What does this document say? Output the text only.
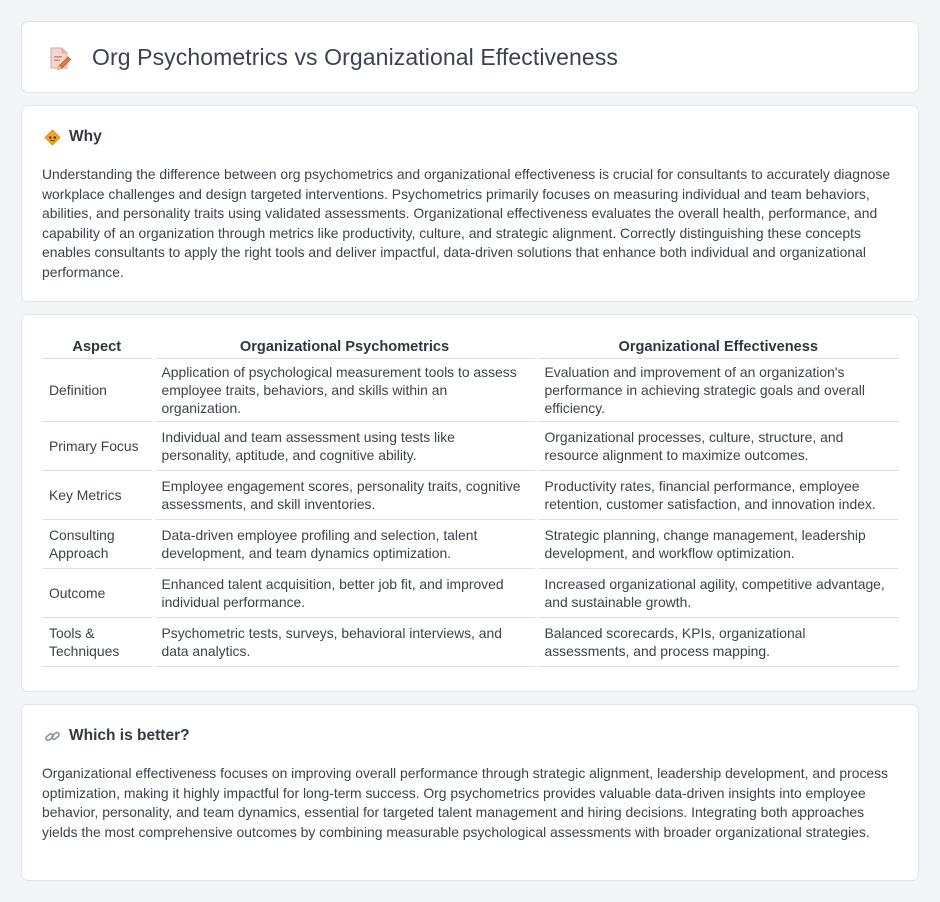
Org Psychometrics vs Organizational Effectiveness
Why

Understanding the difference between org psychometrics and organizational effectiveness is crucial for consultants to accurately diagnose workplace challenges and design targeted interventions. Psychometrics primarily focuses on measuring individual and team behaviors, abilities, and personality traits using validated assessments. Organizational effectiveness evaluates the overall health, performance, and capability of an organization through metrics like productivity, culture, and strategic alignment. Correctly distinguishing these concepts enables consultants to apply the right tools and deliver impactful, data-driven solutions that enhance both individual and organizational performance.

Aspect	Organizational Psychometrics	Organizational Effectiveness
Definition	Application of psychological measurement tools to assess employee traits, behaviors, and skills within an organization.	Evaluation and improvement of an organization's performance in achieving strategic goals and overall efficiency.
Primary Focus	Individual and team assessment using tests like personality, aptitude, and cognitive ability.	Organizational processes, culture, structure, and resource alignment to maximize outcomes.
Key Metrics	Employee engagement scores, personality traits, cognitive assessments, and skill inventories.	Productivity rates, financial performance, employee retention, customer satisfaction, and innovation index.
Consulting Approach	Data-driven employee profiling and selection, talent development, and team dynamics optimization.	Strategic planning, change management, leadership development, and workflow optimization.
Outcome	Enhanced talent acquisition, better job fit, and improved individual performance.	Increased organizational agility, competitive advantage, and sustainable growth.
Tools & Techniques	Psychometric tests, surveys, behavioral interviews, and data analytics.	Balanced scorecards, KPIs, organizational assessments, and process mapping.
Which is better?

Organizational effectiveness focuses on improving overall performance through strategic alignment, leadership development, and process optimization, making it highly impactful for long-term success. Org psychometrics provides valuable data-driven insights into employee behavior, personality, and team dynamics, essential for targeted talent management and hiring decisions. Integrating both approaches yields the most comprehensive outcomes by combining measurable psychological assessments with broader organizational strategies.
